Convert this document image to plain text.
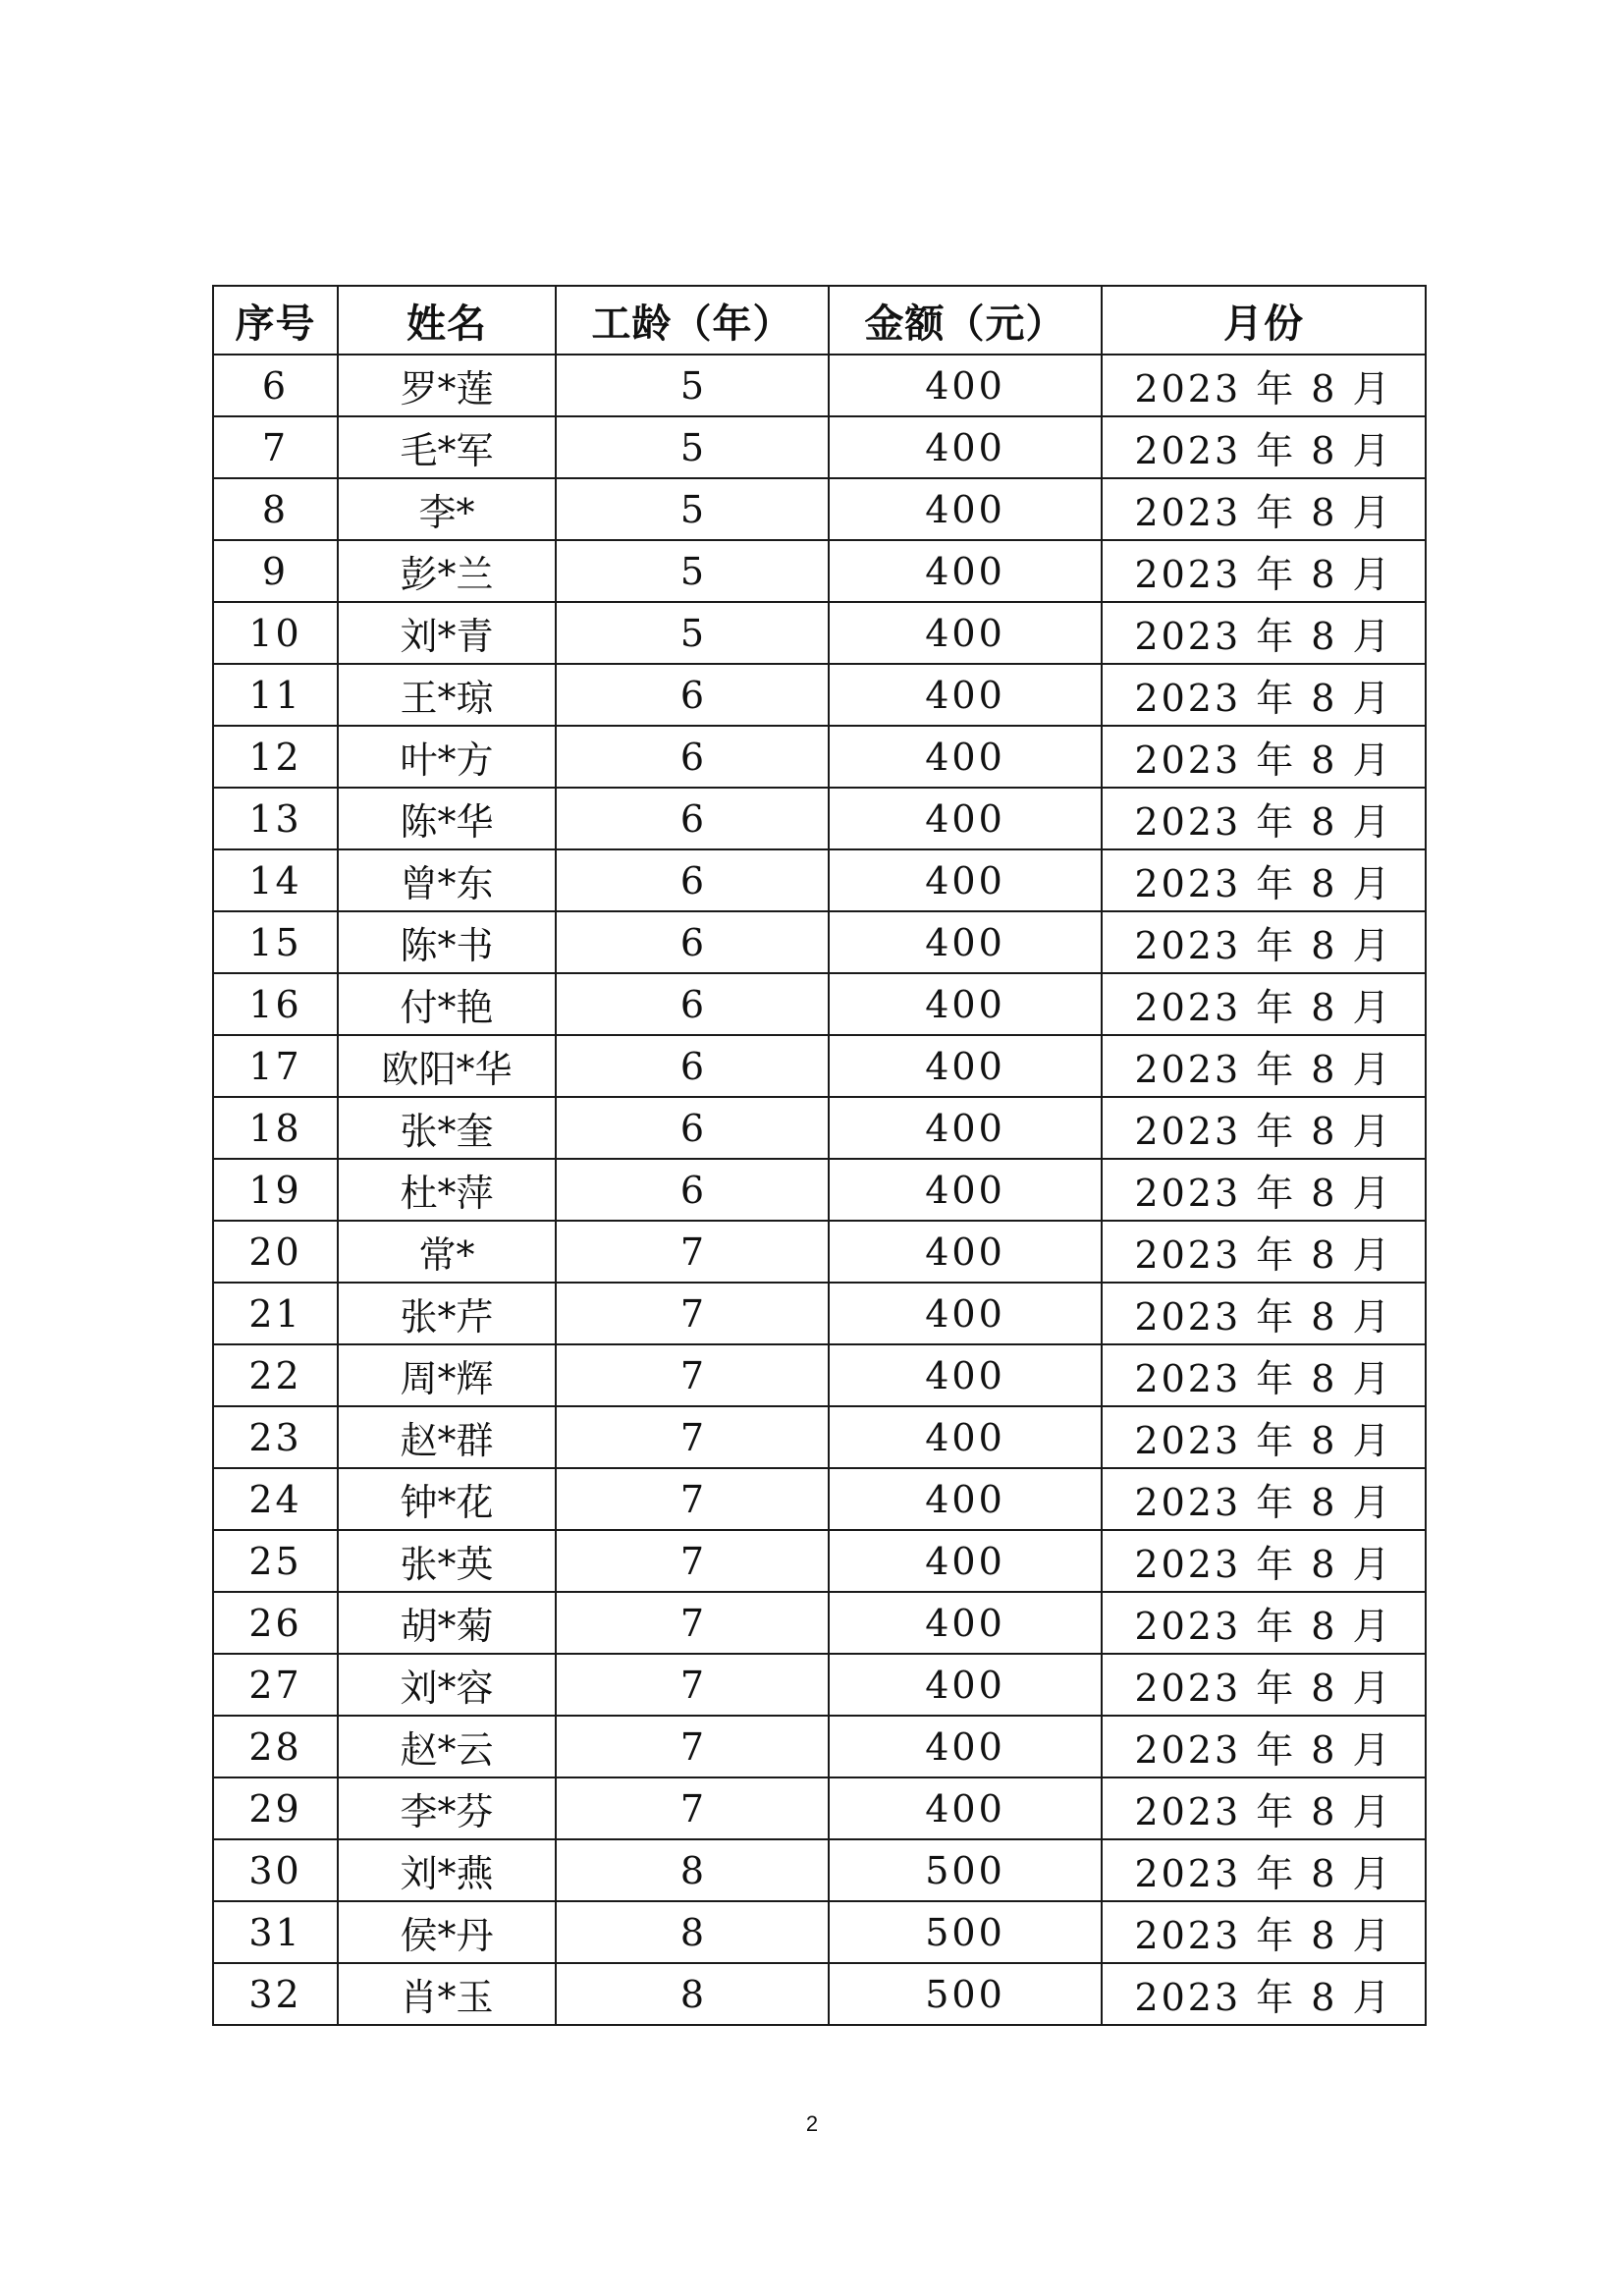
序号	姓名	工龄（年）	金额（元）	月份
6	罗*莲	5	400	2023 年 8 月
7	毛*军	5	400	2023 年 8 月
8	李*	5	400	2023 年 8 月
9	彭*兰	5	400	2023 年 8 月
10	刘*青	5	400	2023 年 8 月
11	王*琼	6	400	2023 年 8 月
12	叶*方	6	400	2023 年 8 月
13	陈*华	6	400	2023 年 8 月
14	曾*东	6	400	2023 年 8 月
15	陈*书	6	400	2023 年 8 月
16	付*艳	6	400	2023 年 8 月
17	欧阳*华	6	400	2023 年 8 月
18	张*奎	6	400	2023 年 8 月
19	杜*萍	6	400	2023 年 8 月
20	常*	7	400	2023 年 8 月
21	张*芹	7	400	2023 年 8 月
22	周*辉	7	400	2023 年 8 月
23	赵*群	7	400	2023 年 8 月
24	钟*花	7	400	2023 年 8 月
25	张*英	7	400	2023 年 8 月
26	胡*菊	7	400	2023 年 8 月
27	刘*容	7	400	2023 年 8 月
28	赵*云	7	400	2023 年 8 月
29	李*芬	7	400	2023 年 8 月
30	刘*燕	8	500	2023 年 8 月
31	侯*丹	8	500	2023 年 8 月
32	肖*玉	8	500	2023 年 8 月
2
